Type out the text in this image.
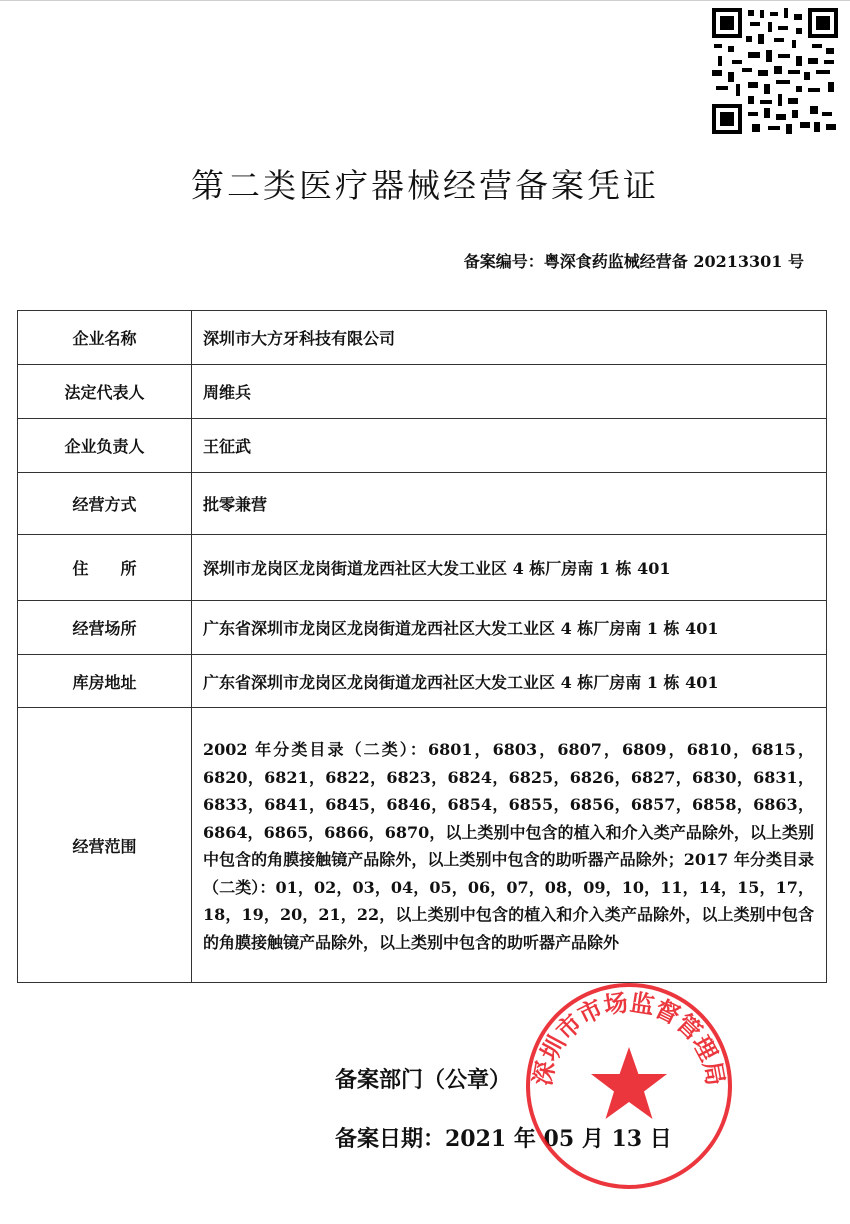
第二类医疗器械经营备案凭证
备案编号：粤深食药监械经营备 20213301 号
企业名称	深圳市大方牙科技有限公司
法定代表人	周维兵
企业负责人	王征武
经营方式	批零兼营
住　　所	深圳市龙岗区龙岗街道龙西社区大发工业区 4 栋厂房南 1 栋 401
经营场所	广东省深圳市龙岗区龙岗街道龙西社区大发工业区 4 栋厂房南 1 栋 401
库房地址	广东省深圳市龙岗区龙岗街道龙西社区大发工业区 4 栋厂房南 1 栋 401
经营范围	2002 年分类目录（二类）：6801，6803，6807，6809，6810，6815，6820，6821，6822，6823，6824，6825，6826，6827，6830，6831，6833，6841，6845，6846，6854，6855，6856，6857，6858，6863，6864，6865，6866，6870，以上类别中包含的植入和介入类产品除外，以上类别中包含的角膜接触镜产品除外，以上类别中包含的助听器产品除外；2017 年分类目录（二类）：01，02，03，04，05，06，07，08，09，10，11，14，15，17，18，19，20，21，22，以上类别中包含的植入和介入类产品除外，以上类别中包含的角膜接触镜产品除外，以上类别中包含的助听器产品除外
备案部门（公章）
备案日期：2021 年 05 月 13 日
深圳市市场监督管理局
